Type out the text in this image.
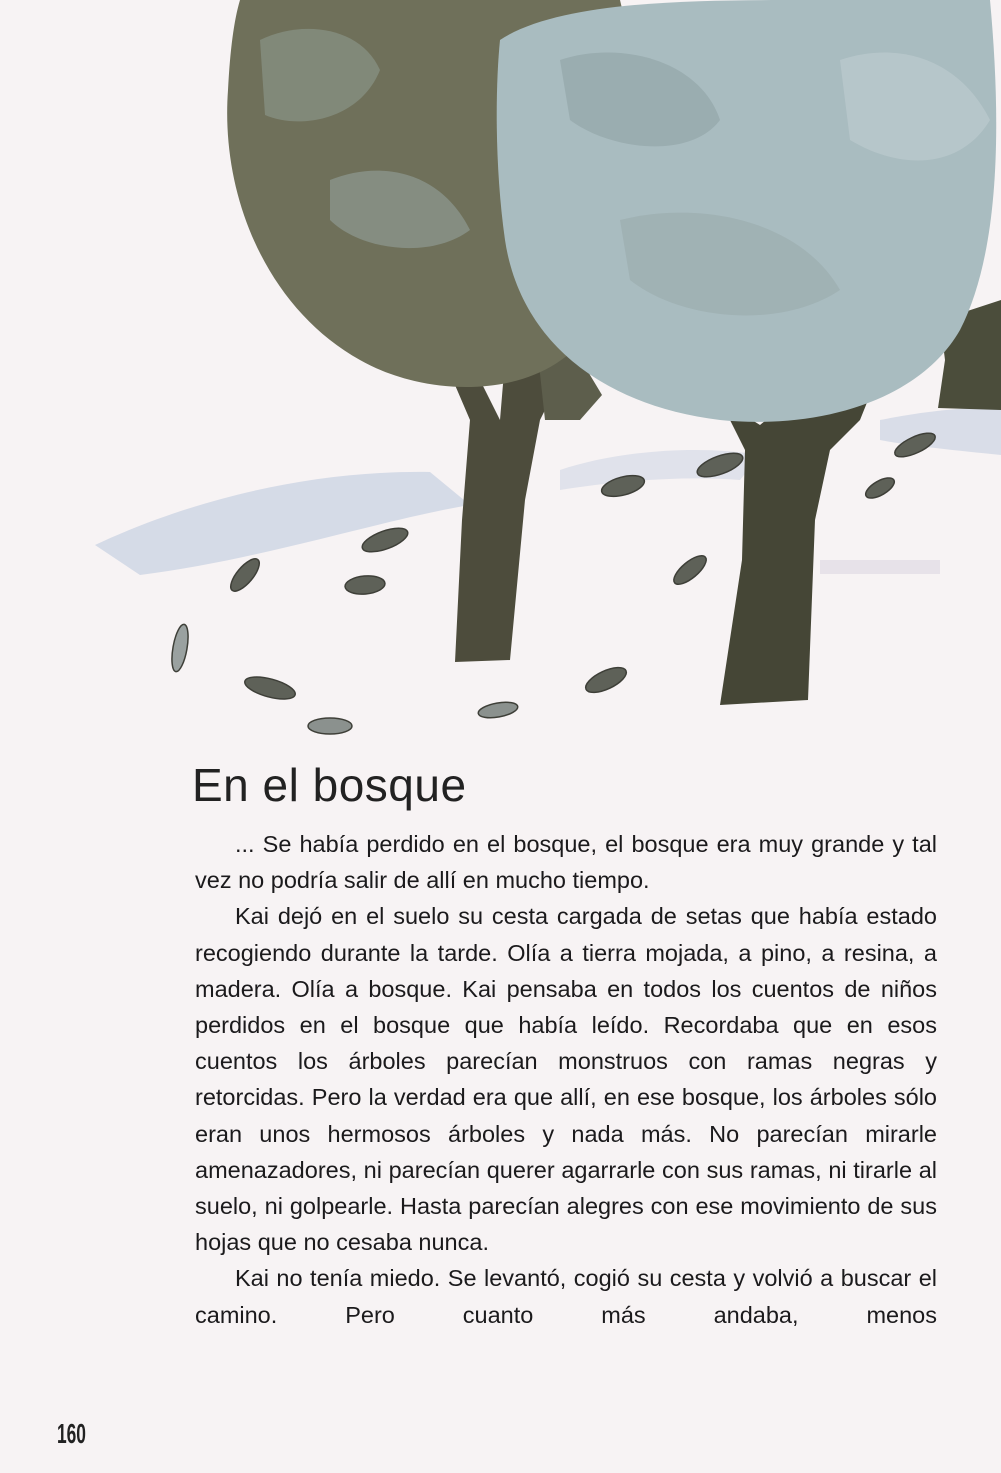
En el bosque

... Se había perdido en el bosque, el bosque era muy grande y tal vez no podría salir de allí en mucho tiempo.

Kai dejó en el suelo su cesta cargada de setas que había estado recogiendo durante la tarde. Olía a tierra mojada, a pino, a resina, a madera. Olía a bosque. Kai pensaba en todos los cuentos de niños perdidos en el bosque que había leído. Recordaba que en esos cuentos los árboles parecían monstruos con ramas negras y retorcidas. Pero la verdad era que allí, en ese bosque, los árboles sólo eran unos hermosos árboles y nada más. No parecían mirarle amenazadores, ni parecían querer agarrarle con sus ramas, ni tirarle al suelo, ni golpearle. Hasta parecían alegres con ese movimiento de sus hojas que no cesaba nunca.

Kai no tenía miedo. Se levantó, cogió su cesta y volvió a buscar el camino. Pero cuanto más andaba, menos

160
